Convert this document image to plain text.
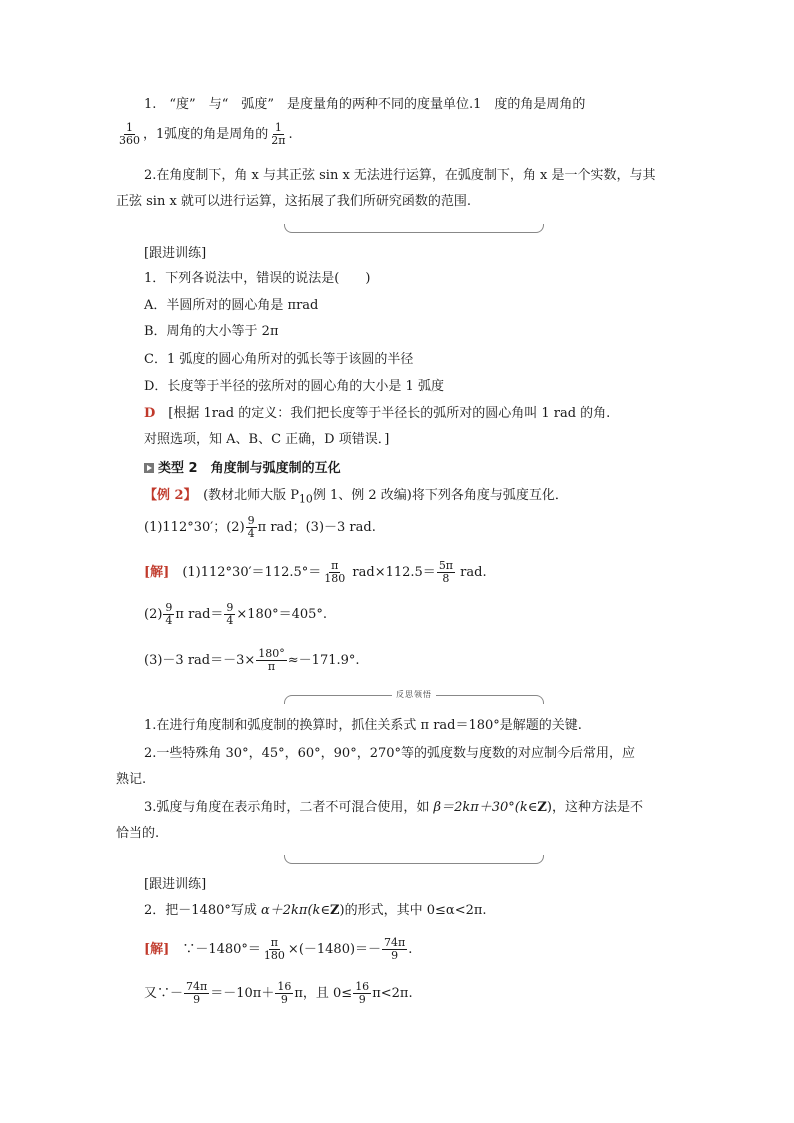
1.　“度”　与“　弧度”　是度量角的两种不同的度量单位.1　度的角是周角的
$\frac{1}{360}$ ，1弧度的角是周角的 $\frac{1}{2\pi}$ .
2.在角度制下，角 x 与其正弦 sin x 无法进行运算，在弧度制下，角 x 是一个实数，与其
正弦 sin x 就可以进行运算，这拓展了我们所研究函数的范围.
[跟进训练]
1．下列各说法中，错误的说法是(　　)
A．半圆所对的圆心角是 πrad
B．周角的大小等于 2π
C．1 弧度的圆心角所对的弧长等于该圆的半径
D．长度等于半径的弦所对的圆心角的大小是 1 弧度
D　 [根据 1rad 的定义：我们把长度等于半径长的弧所对的圆心角叫 1 rad 的角.
对照选项，知 A、B、C 正确，D 项错误．]
类型 2　角度制与弧度制的互化
【例 2】　 (教材北师大版 $P_{10}$例 1、例 2 改编)将下列各角度与弧度互化．
(1)112°30′；$(2) \frac{9}{4}$ π rad；(3)－3 rad.
[解]　 $(1)112^\circ 30'=112.5^\circ= \frac{\pi}{180} rad\times 112.5= \frac{5\pi}{8}$ rad.
$(2) \frac{9}{4}$ π $rad= \frac{9}{4} \times 180^\circ=405^\circ$.
(3)－3 $rad=-3\times \frac{180^\circ}{\pi} \approx-171.9^\circ$.
反思领悟
1.在进行角度制和弧度制的换算时，抓住关系式 π rad＝180°是解题的关键.
2.一些特殊角 30°，45°，60°，90°，270°等的弧度数与度数的对应制今后常用，应
熟记.
3.弧度与角度在表示角时，二者不可混合使用，如 β＝2kπ＋30°(k∈Z)，这种方法是不
恰当的.
[跟进训练]
2．把－1480°写成 α＋2kπ(k∈Z)的形式，其中 0≤α<2π.
[解]　 ∵－1480°＝ $\frac{\pi}{180} \times(-1480)=- \frac{74\pi}{9}$ .
又∵－ $\frac{74\pi}{9} =-10\pi+ \frac{16}{9}$ π，且 $0\le \frac{16}{9} \pi<2\pi$.
